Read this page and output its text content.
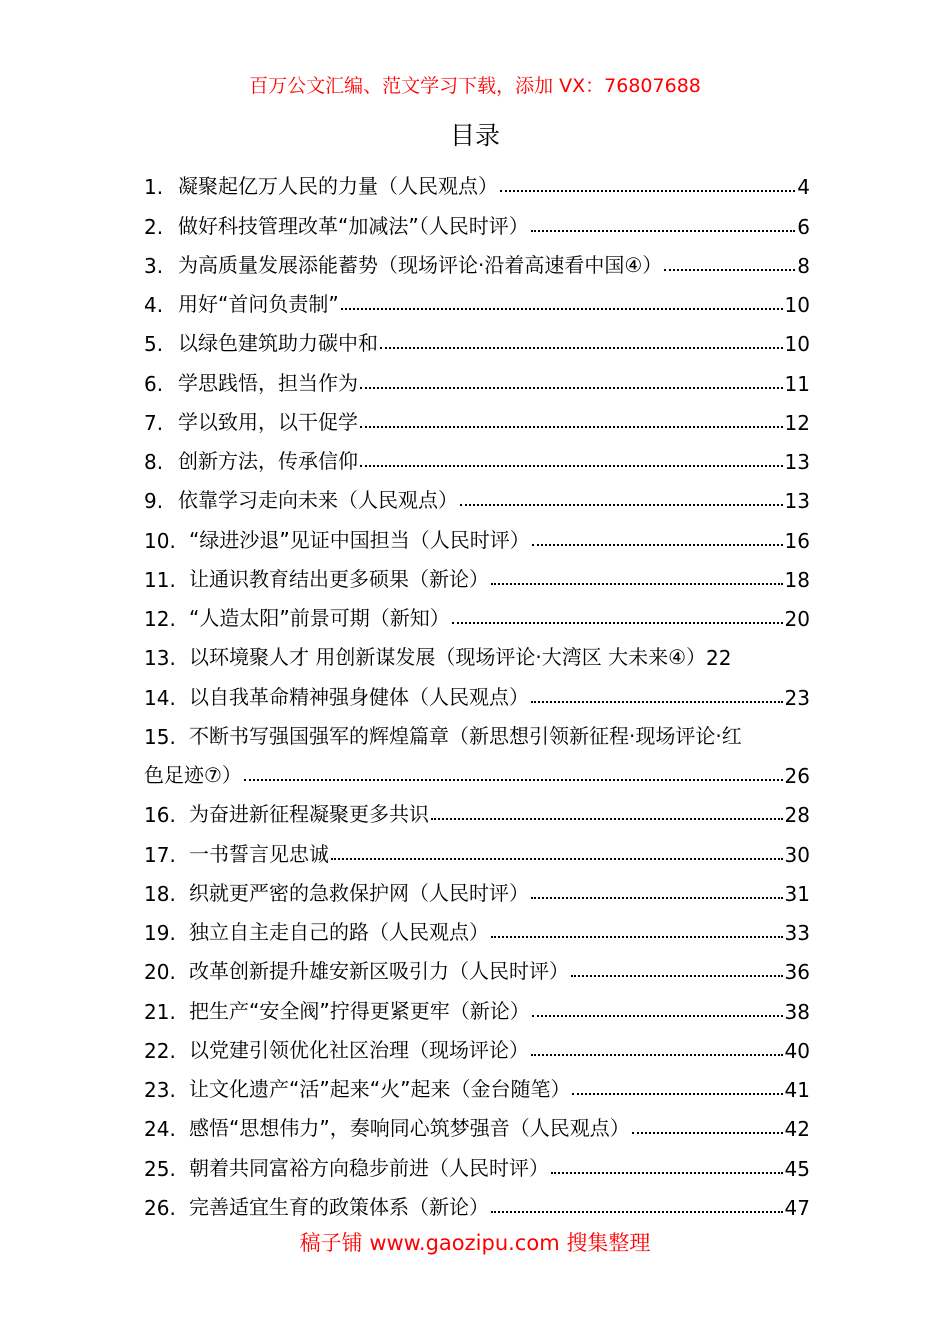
百万公文汇编、范文学习下载，添加 VX：76807688
目录
1. 凝聚起亿万人民的力量（人民观点）	4
2. 做好科技管理改革“加减法”（人民时评）	6
3. 为高质量发展添能蓄势（现场评论·沿着高速看中国④）	8
4. 用好“首问负责制”	10
5. 以绿色建筑助力碳中和	10
6. 学思践悟，担当作为	11
7. 学以致用，以干促学	12
8. 创新方法，传承信仰	13
9. 依靠学习走向未来（人民观点）	13
10. “绿进沙退”见证中国担当（人民时评）	16
11. 让通识教育结出更多硕果（新论）	18
12. “人造太阳”前景可期（新知）	20
13. 以环境聚人才 用创新谋发展（现场评论·大湾区 大未来④） 22
14. 以自我革命精神强身健体（人民观点）	23
15. 不断书写强国强军的辉煌篇章（新思想引领新征程·现场评论·红
色足迹⑦）	26
16. 为奋进新征程凝聚更多共识	28
17. 一书誓言见忠诚	30
18. 织就更严密的急救保护网（人民时评）	31
19. 独立自主走自己的路（人民观点）	33
20. 改革创新提升雄安新区吸引力（人民时评）	36
21. 把生产“安全阀”拧得更紧更牢（新论）	38
22. 以党建引领优化社区治理（现场评论）	40
23. 让文化遗产“活”起来“火”起来（金台随笔）	41
24. 感悟“思想伟力”，奏响同心筑梦强音（人民观点）	42
25. 朝着共同富裕方向稳步前进（人民时评）	45
26. 完善适宜生育的政策体系（新论）	47
稿子铺 www.gaozipu.com 搜集整理
